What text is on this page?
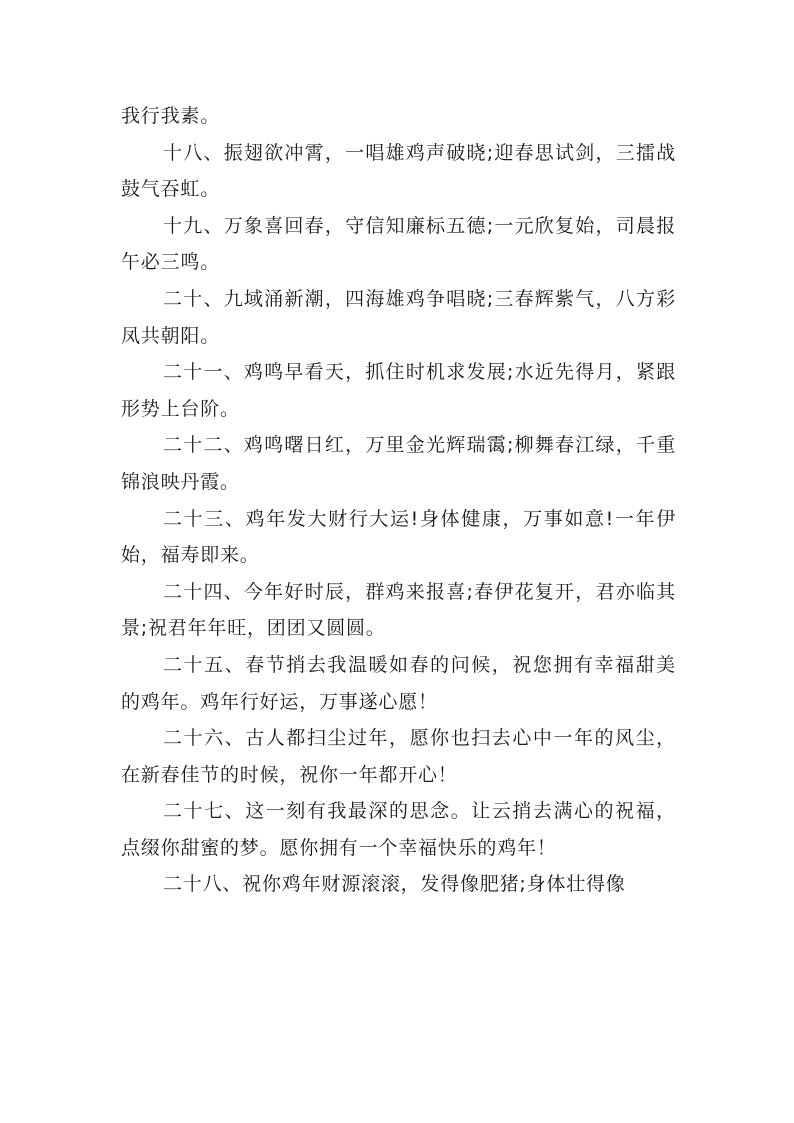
我行我素。

十八、振翅欲冲霄，一唱雄鸡声破晓;迎春思试剑，三擂战鼓气吞虹。

十九、万象喜回春，守信知廉标五德;一元欣复始，司晨报午必三鸣。

二十、九域涌新潮，四海雄鸡争唱晓;三春辉紫气，八方彩凤共朝阳。

二十一、鸡鸣早看天，抓住时机求发展;水近先得月，紧跟形势上台阶。

二十二、鸡鸣曙日红，万里金光辉瑞霭;柳舞春江绿，千重锦浪映丹霞。

二十三、鸡年发大财行大运!身体健康，万事如意!一年伊始，福寿即来。

二十四、今年好时辰，群鸡来报喜;春伊花复开，君亦临其景;祝君年年旺，团团又圆圆。

二十五、春节捎去我温暖如春的问候，祝您拥有幸福甜美的鸡年。鸡年行好运，万事遂心愿！

二十六、古人都扫尘过年，愿你也扫去心中一年的风尘，在新春佳节的时候，祝你一年都开心！

二十七、这一刻有我最深的思念。让云捎去满心的祝福，点缀你甜蜜的梦。愿你拥有一个幸福快乐的鸡年！

二十八、祝你鸡年财源滚滚，发得像肥猪;身体壮得像
